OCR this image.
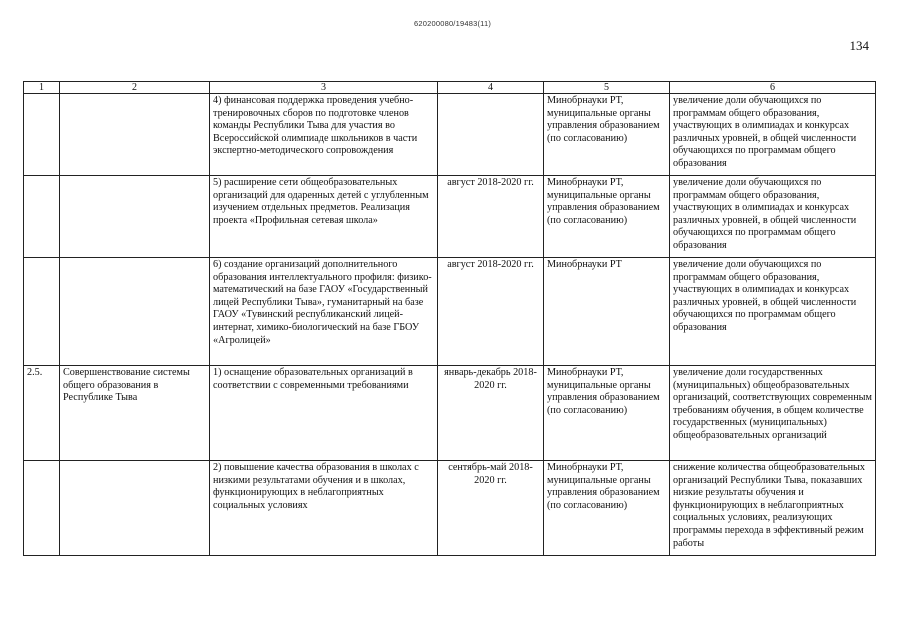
620200080/19483(11)
134
1	2	3	4	5	6
		4) финансовая поддержка проведения учебно-тренировочных сборов по подготовке членов команды Республики Тыва для участия во Всероссийской олимпиаде школьников в части экспертно-методического сопровождения		Минобрнауки РТ, муниципальные органы управления образованием (по согласованию)	увеличение доли обучающихся по программам общего образования, участвующих в олимпиадах и конкурсах различных уровней, в общей численности обучающихся по программам общего образования
		5) расширение сети общеобразовательных организаций для одаренных детей с углубленным изучением отдельных предметов. Реализация проекта «Профильная сетевая школа»	август 2018-2020 гг.	Минобрнауки РТ, муниципальные органы управления образованием (по согласованию)	увеличение доли обучающихся по программам общего образования, участвующих в олимпиадах и конкурсах различных уровней, в общей численности обучающихся по программам общего образования
		6) создание организаций дополнительного образования интеллектуального профиля: физико-математический на базе ГАОУ «Государственный лицей Республики Тыва», гуманитарный на базе ГАОУ «Тувинский республиканский лицей-интернат, химико-биологический на базе ГБОУ «Агролицей»	август 2018-2020 гг.	Минобрнауки РТ	увеличение доли обучающихся по программам общего образования, участвующих в олимпиадах и конкурсах различных уровней, в общей численности обучающихся по программам общего образования
2.5.	Совершенствование системы общего образования в Республике Тыва	1) оснащение образовательных организаций в соответствии с современными требованиями	январь-декабрь 2018-2020 гг.	Минобрнауки РТ, муниципальные органы управления образованием (по согласованию)	увеличение доли государственных (муниципальных) общеобразовательных организаций, соответствующих современным требованиям обучения, в общем количестве государственных (муниципальных) общеобразовательных организаций
		2) повышение качества образования в школах с низкими результатами обучения и в школах, функционирующих в неблагоприятных социальных условиях	сентябрь-май 2018-2020 гг.	Минобрнауки РТ, муниципальные органы управления образованием (по согласованию)	снижение количества общеобразовательных организаций Республики Тыва, показавших низкие результаты обучения и функционирующих в неблагоприятных социальных условиях, реализующих программы перехода в эффективный режим работы
